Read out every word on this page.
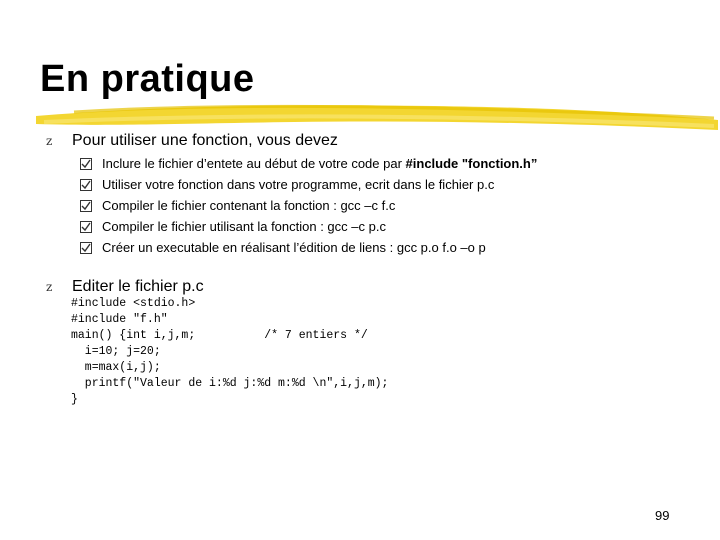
En pratique
z Pour utiliser une fonction, vous devez
Inclure le fichier d’entete au début de votre code par #include "fonction.h”
Utiliser votre fonction dans votre programme, ecrit dans le fichier p.c
Compiler le fichier contenant la fonction : gcc –c f.c
Compiler le fichier utilisant la fonction : gcc –c p.c
Créer un executable en réalisant l’édition de liens : gcc p.o f.o –o p
z Editer le fichier p.c
#include <stdio.h>
#include "f.h"
main() {int i,j,m;          /* 7 entiers */
i=10; j=20;
m=max(i,j);
printf("Valeur de i:%d j:%d m:%d \n",i,j,m);
}
99
